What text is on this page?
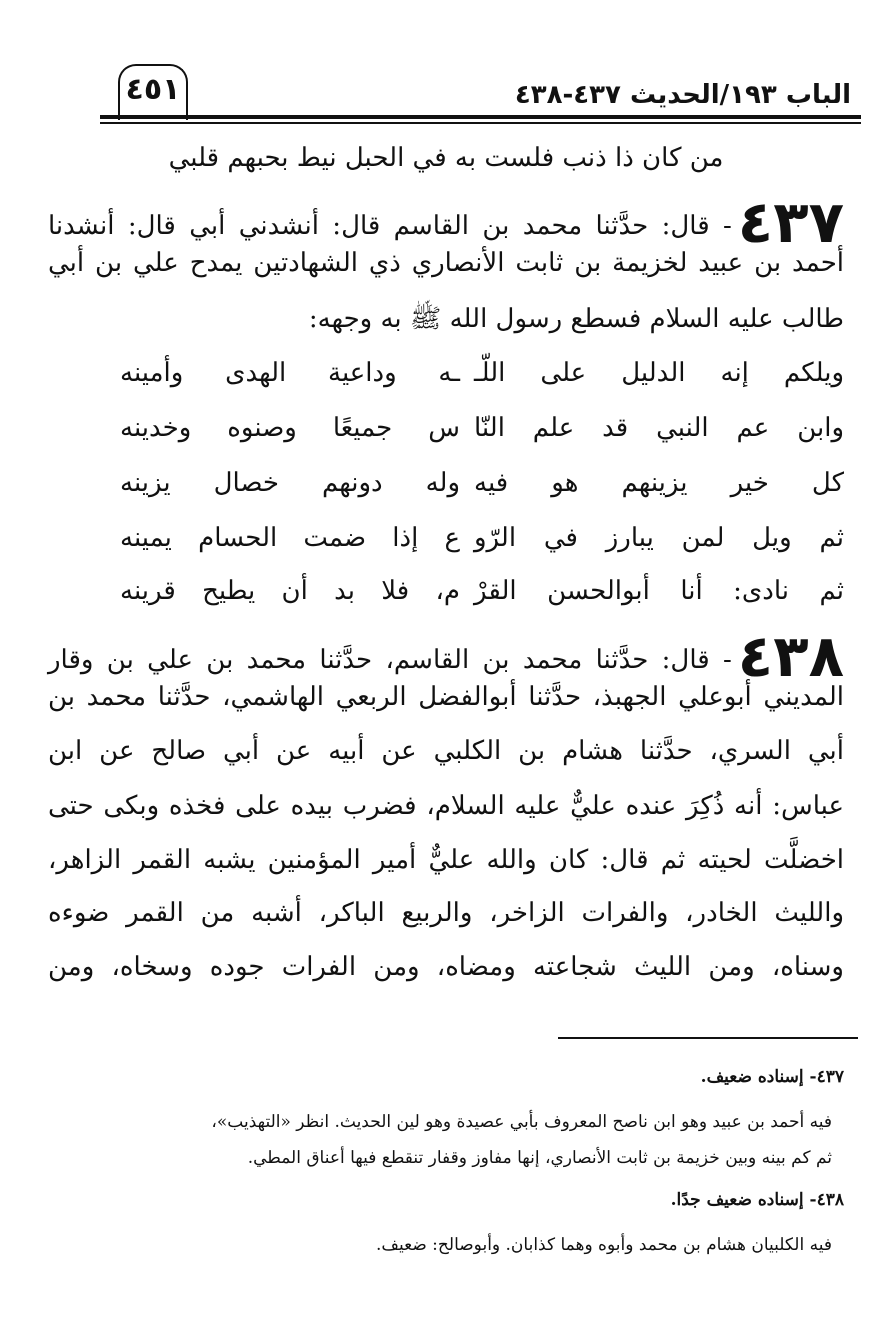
الباب ١٩٣/الحديث ٤٣٧-٤٣٨
٤٥١
من كان ذا ذنب فلست به في الحبل نيط بحبهم قلبي
٤٣٧- قال: حدَّثنا محمد بن القاسم قال: أنشدني أبي قال: أنشدنا
أحمد بن عبيد لخزيمة بن ثابت الأنصاري ذي الشهادتين يمدح علي بن أبي
طالب عليه السلام فسطع رسول الله ﷺ به وجهه:
ويلكم إنه الدليل على اللّـ
ـه وداعية الهدى وأمينه
وابن عم النبي قد علم النّا
س جميعًا وصنوه وخدينه
كل خير يزينهم هو فيه
وله دونهم خصال يزينه
ثم ويل لمن يبارز في الرّو
ع إذا ضمت الحسام يمينه
ثم نادى: أنا أبوالحسن القرْ
م، فلا بد أن يطيح قرينه
٤٣٨- قال: حدَّثنا محمد بن القاسم، حدَّثنا محمد بن علي بن وقار
المديني أبوعلي الجهبذ، حدَّثنا أبوالفضل الربعي الهاشمي، حدَّثنا محمد بن
أبي السري، حدَّثنا هشام بن الكلبي عن أبيه عن أبي صالح عن ابن
عباس: أنه ذُكِرَ عنده عليٌّ عليه السلام، فضرب بيده على فخذه وبكى حتى
اخضلَّت لحيته ثم قال: كان والله عليٌّ أمير المؤمنين يشبه القمر الزاهر،
والليث الخادر، والفرات الزاخر، والربيع الباكر، أشبه من القمر ضوءه
وسناه، ومن الليث شجاعته ومضاه، ومن الفرات جوده وسخاه، ومن
٤٣٧- إسناده ضعيف.
فيه أحمد بن عبيد وهو ابن ناصح المعروف بأبي عصيدة وهو لين الحديث. انظر «التهذيب»،
ثم كم بينه وبين خزيمة بن ثابت الأنصاري، إنها مفاوز وقفار تنقطع فيها أعناق المطي.
٤٣٨- إسناده ضعيف جدًا.
فيه الكلبيان هشام بن محمد وأبوه وهما كذابان. وأبوصالح: ضعيف.
